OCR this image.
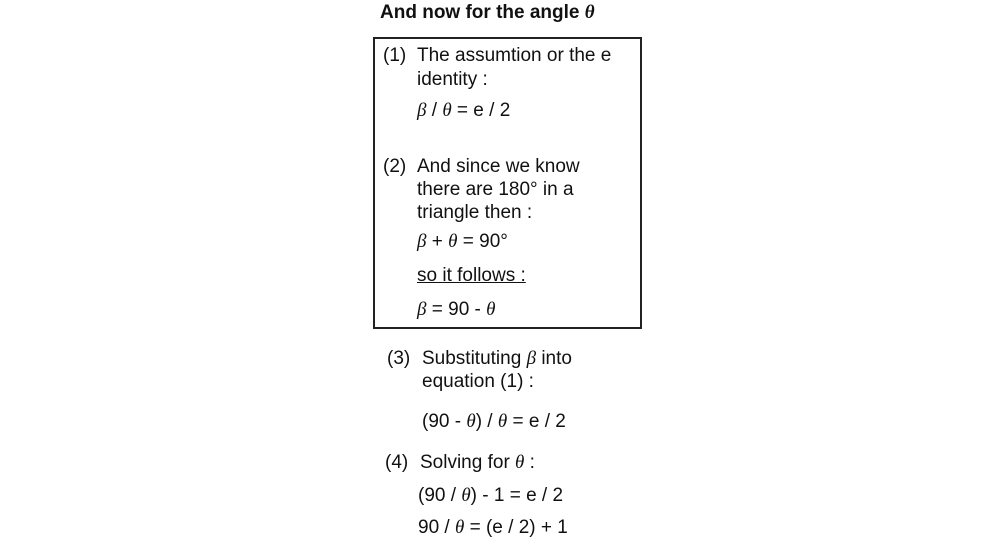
And now for the angle θ
(1) The assumtion or the e
identity :
β / θ = e / 2
(2) And since we know
there are 180° in a
triangle then :
β + θ = 90°
so it follows :
β = 90 - θ
(3) Substituting β into
equation (1) :
(90 - θ) / θ = e / 2
(4) Solving for θ :
(90 / θ) - 1 = e / 2
90 / θ = (e / 2) + 1
